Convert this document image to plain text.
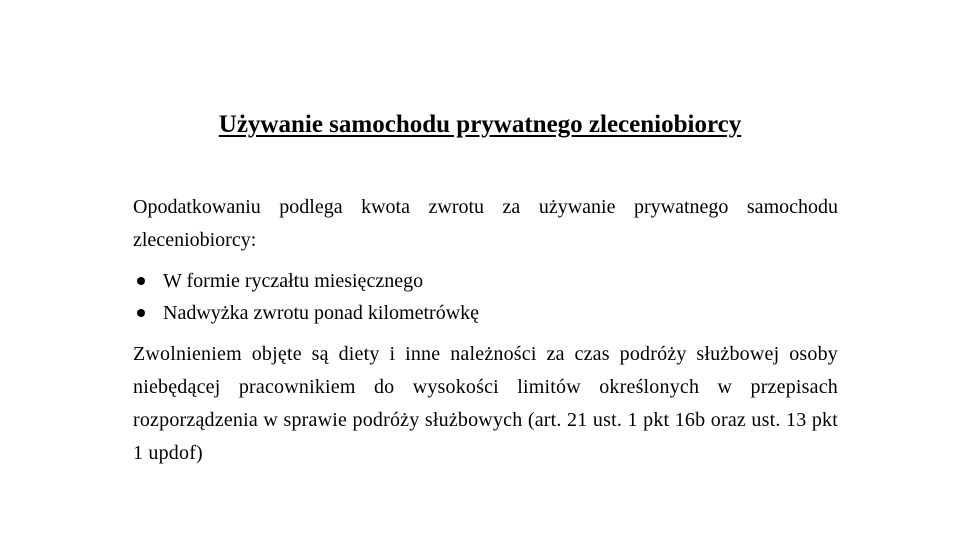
Używanie samochodu prywatnego zleceniobiorcy
Opodatkowaniu podlega kwota zwrotu za używanie prywatnego samochodu zleceniobiorcy:
W formie ryczałtu miesięcznego
Nadwyżka zwrotu ponad kilometrówkę
Zwolnieniem objęte są diety i inne należności za czas podróży służbowej osoby niebędącej pracownikiem do wysokości limitów określonych w przepisach rozporządzenia w sprawie podróży służbowych (art. 21 ust. 1 pkt 16b oraz ust. 13 pkt 1 updof)
